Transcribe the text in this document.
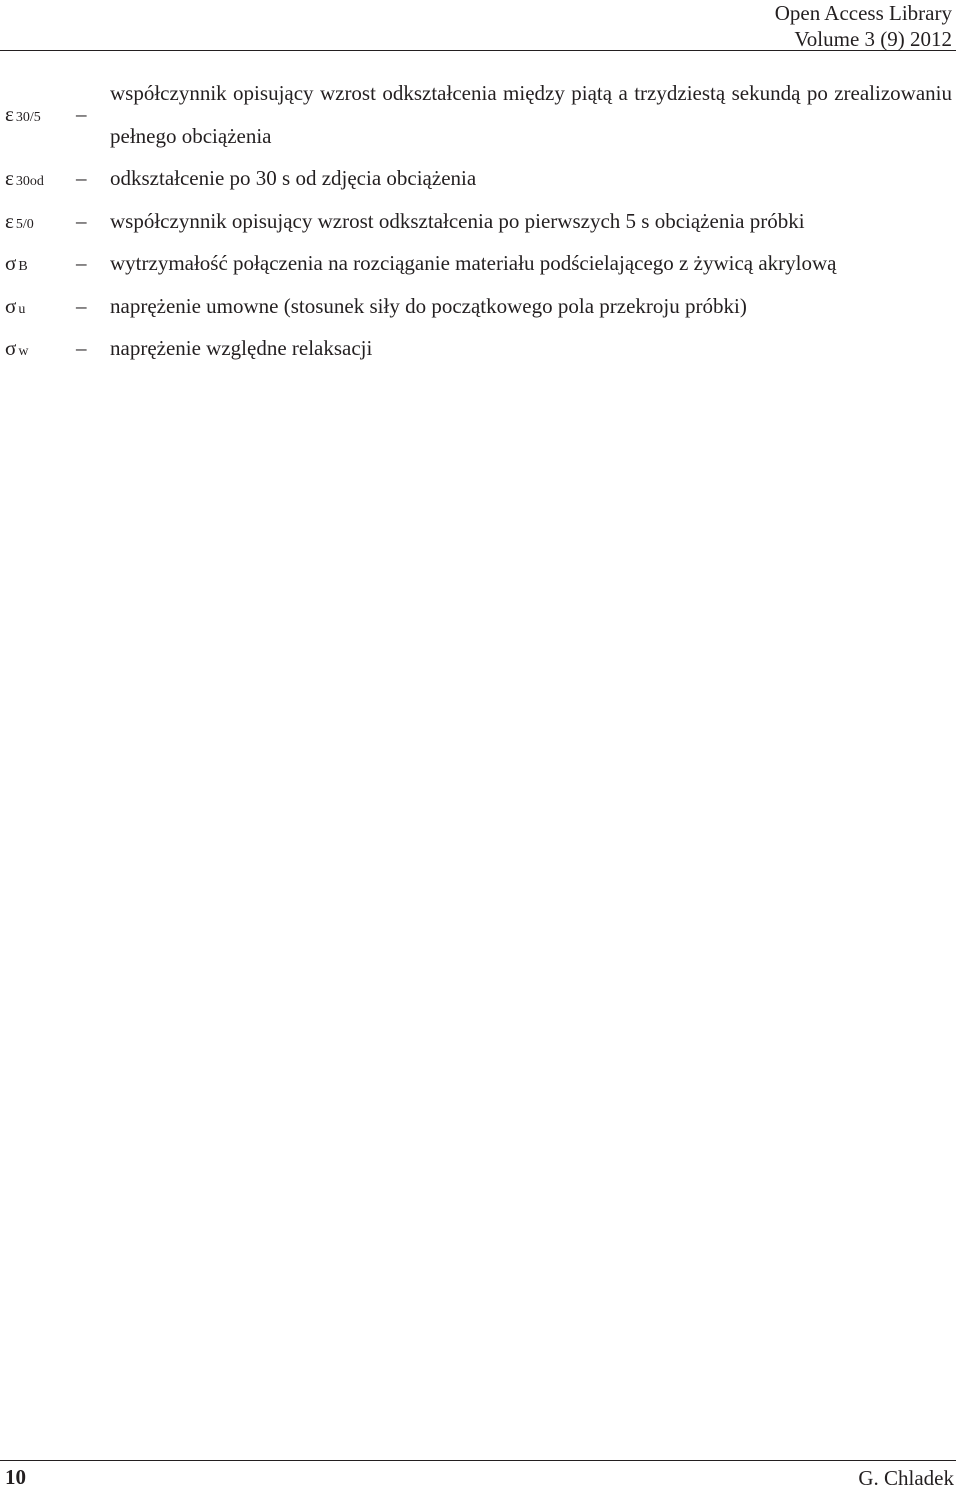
Open Access Library
Volume 3 (9) 2012
ε 30/5 –
współczynnik opisujący wzrost odkształcenia między piątą a trzydziestą sekundą po zrealizowaniu pełnego obciążenia
ε 30od – odkształcenie po 30 s od zdjęcia obciążenia
ε 5/0 – współczynnik opisujący wzrost odkształcenia po pierwszych 5 s obciążenia próbki
σ B – wytrzymałość połączenia na rozciąganie materiału podścielającego z żywicą akrylową
σ u – naprężenie umowne (stosunek siły do początkowego pola przekroju próbki)
σ w – naprężenie względne relaksacji
10	G. Chladek
